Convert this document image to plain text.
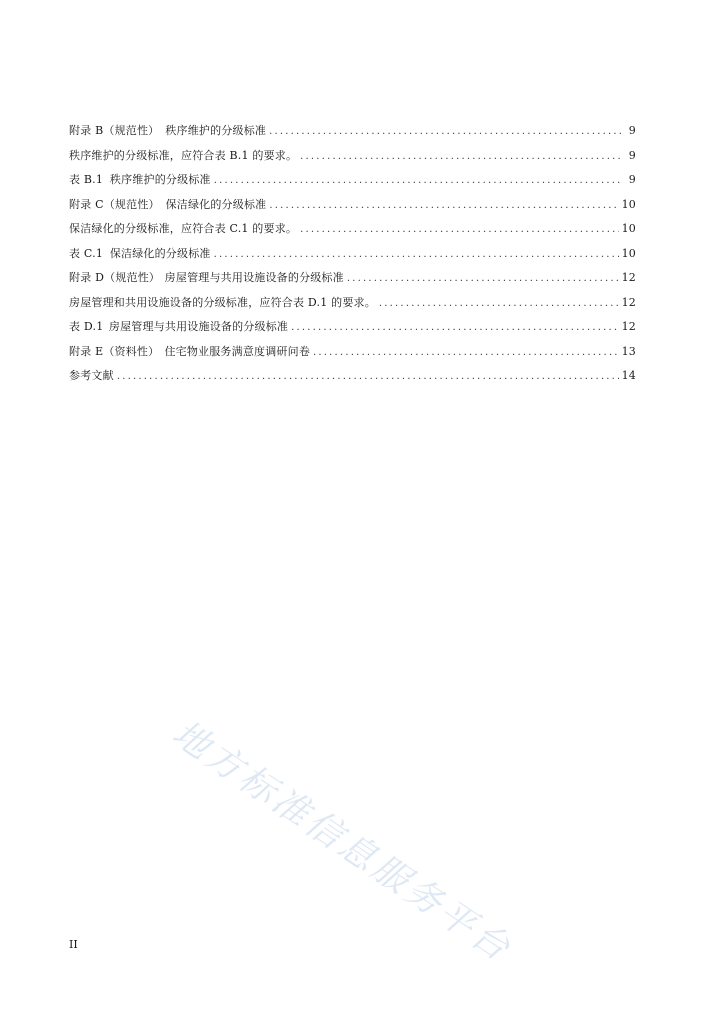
附录 B（规范性） 秩序维护的分级标准 .....	9
秩序维护的分级标准，应符合表 B.1 的要求。 .....	9
表 B.1 秩序维护的分级标准 .....	9
附录 C（规范性） 保洁绿化的分级标准 .....	10
保洁绿化的分级标准，应符合表 C.1 的要求。 .....	10
表 C.1 保洁绿化的分级标准 .....	10
附录 D（规范性） 房屋管理与共用设施设备的分级标准 .....	12
房屋管理和共用设施设备的分级标准，应符合表 D.1 的要求。 .....	12
表 D.1 房屋管理与共用设施设备的分级标准 .....	12
附录 E（资料性） 住宅物业服务满意度调研问卷 .....	13
参考文献 .....	14
地方标准信息服务平台
II
